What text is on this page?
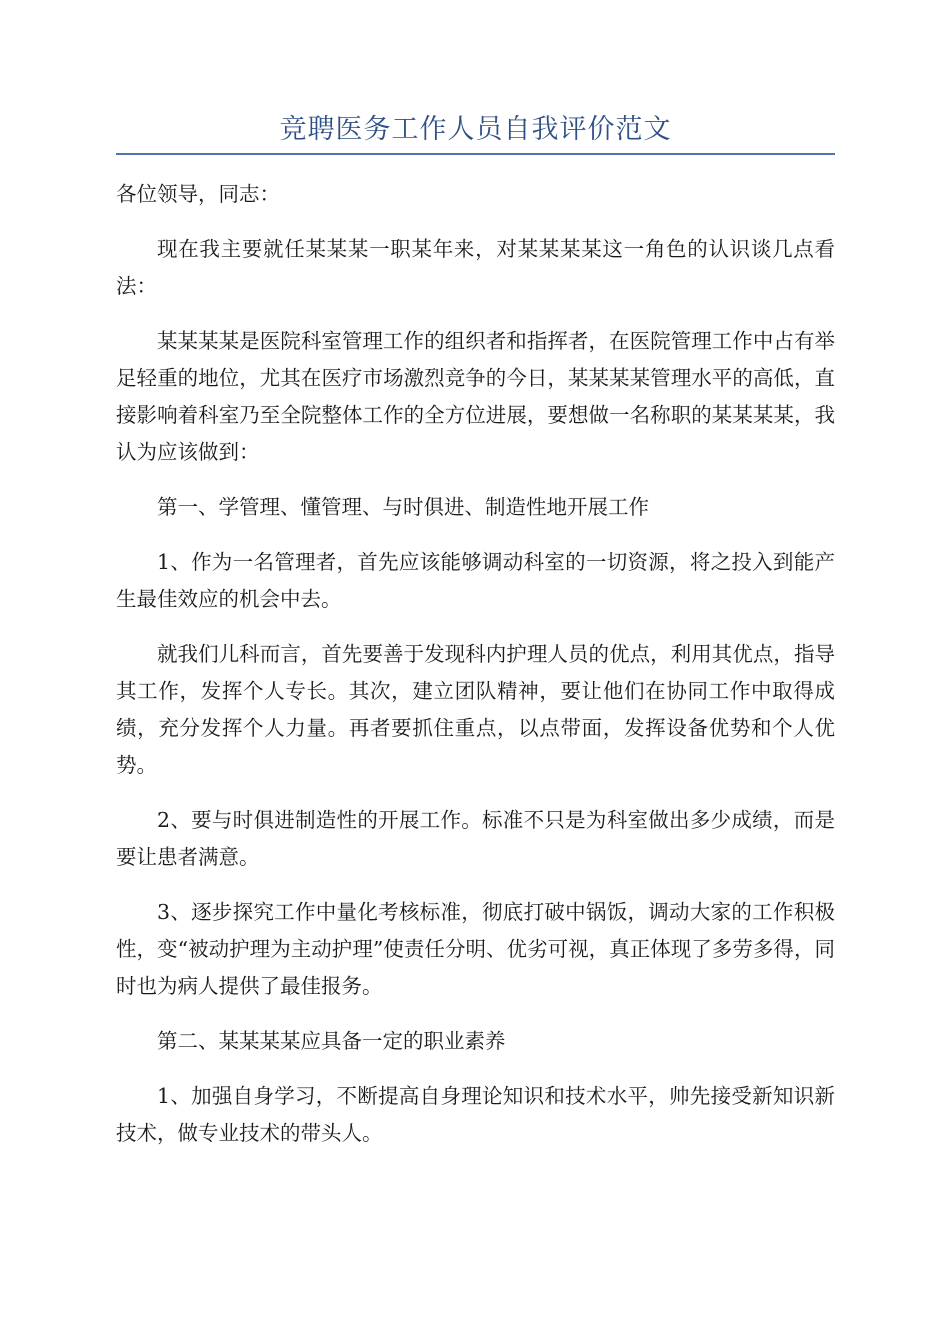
竞聘医务工作人员自我评价范文

各位领导，同志：

现在我主要就任某某某一职某年来，对某某某某这一角色的认识谈几点看法：

某某某某是医院科室管理工作的组织者和指挥者，在医院管理工作中占有举足轻重的地位，尤其在医疗市场激烈竞争的今日，某某某某管理水平的高低，直接影响着科室乃至全院整体工作的全方位进展，要想做一名称职的某某某某，我认为应该做到：

第一、学管理、懂管理、与时俱进、制造性地开展工作

1、作为一名管理者，首先应该能够调动科室的一切资源，将之投入到能产生最佳效应的机会中去。

就我们儿科而言，首先要善于发现科内护理人员的优点，利用其优点，指导其工作，发挥个人专长。其次，建立团队精神，要让他们在协同工作中取得成绩，充分发挥个人力量。再者要抓住重点，以点带面，发挥设备优势和个人优势。

2、要与时俱进制造性的开展工作。标准不只是为科室做出多少成绩，而是要让患者满意。

3、逐步探究工作中量化考核标准，彻底打破中锅饭，调动大家的工作积极性，变“被动护理为主动护理”使责任分明、优劣可视，真正体现了多劳多得，同时也为病人提供了最佳报务。

第二、某某某某应具备一定的职业素养

1、加强自身学习，不断提高自身理论知识和技术水平，帅先接受新知识新技术，做专业技术的带头人。
